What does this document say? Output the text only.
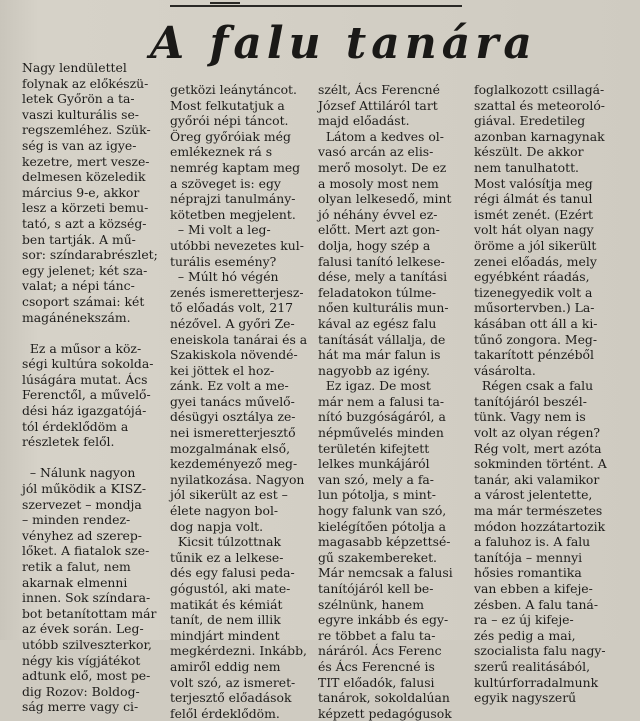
A falu tanára
Nagy lendülettel
folynak az előkészü-
letek Győrön a ta-
vaszi kulturális se-
regszemléhez. Szük-
ség is van az igye-
kezetre, mert vesze-
delmesen közeledik
március 9-e, akkor
lesz a körzeti bemu-
tató, s azt a község-
ben tartják. A mű-
sor: színdarabrészlet;
egy jelenet; két sza-
valat; a népi tánc-
csoport számai: két
magánénekszám.

Ez a műsor a köz-
ségi kultúra sokolda-
lúságára mutat. Ács
Ferenctől, a művelő-
dési ház igazgatójá-
tól érdeklődöm a
részletek felől.

– Nálunk nagyon
jól működik a KISZ-
szervezet – mondja
– minden rendez-
vényhez ad szerep-
lőket. A fiatalok sze-
retik a falut, nem
akarnak elmenni
innen. Sok színdara-
bot betanítottam már
az évek során. Leg-
utóbb szilveszterkor,
négy kis vígjátékot
adtunk elő, most pe-
dig Rozov: Boldog-
ság merre vagy ci-
getközi leánytáncot.
Most felkutatjuk a
győrói népi táncot.
Öreg győróiak még
emlékeznek rá s
nemrég kaptam meg
a szöveget is: egy
néprajzi tanulmány-
kötetben megjelent.
– Mi volt a leg-
utóbbi nevezetes kul-
turális esemény?
– Múlt hó végén
zenés ismeretterjesz-
tő előadás volt, 217
nézővel. A győri Ze-
eneiskola tanárai és a
Szakiskola növendé-
kei jöttek el hoz-
zánk. Ez volt a me-
gyei tanács művelő-
désügyi osztálya ze-
nei ismeretterjesztő
mozgalmának első,
kezdeményező meg-
nyilatkozása. Nagyon
jól sikerült az est –
élete nagyon bol-
dog napja volt.
Kicsit túlzottnak
tűnik ez a lelkese-
dés egy falusi peda-
gógustól, aki mate-
matikát és kémiát
tanít, de nem illik
mindjárt mindent
megkérdezni. Inkább,
amiről eddig nem
volt szó, az ismeret-
terjesztő előadások
felől érdeklődöm.
szélt, Ács Ferencné
József Attiláról tart
majd előadást.
Látom a kedves ol-
vasó arcán az elis-
merő mosolyt. De ez
a mosoly most nem
olyan lelkesedő, mint
jó néhány évvel ez-
előtt. Mert azt gon-
dolja, hogy szép a
falusi tanító lelkese-
dése, mely a tanítási
feladatokon túlme-
nően kulturális mun-
kával az egész falu
tanítását vállalja, de
hát ma már falun is
nagyobb az igény.
Ez igaz. De most
már nem a falusi ta-
nító buzgóságáról, a
népművelés minden
területén kifejtett
lelkes munkájáról
van szó, mely a fa-
lun pótolja, s mint-
hogy falunk van szó,
kielégítően pótolja a
magasabb képzettsé-
gű szakembereket.
Már nemcsak a falusi
tanítójáról kell be-
szélnünk, hanem
egyre inkább és egy-
re többet a falu ta-
náráról. Ács Ferenc
és Ács Ferencné is
TIT előadók, falusi
tanárok, sokoldalúan
képzett pedagógusok
foglalkozott csillagá-
szattal és meteoroló-
giával. Eredetileg
azonban karnagynak
készült. De akkor
nem tanulhatott.
Most valósítja meg
régi álmát és tanul
ismét zenét. (Ezért
volt hát olyan nagy
öröme a jól sikerült
zenei előadás, mely
egyébként ráadás,
tizenegyedik volt a
műsortervben.) La-
kásában ott áll a ki-
tűnő zongora. Meg-
takarított pénzéből
vásárolta.
Régen csak a falu
tanítójáról beszél-
tünk. Vagy nem is
volt az olyan régen?
Rég volt, mert azóta
sokminden történt. A
tanár, aki valamikor
a várost jelentette,
ma már természetes
módon hozzátartozik
a faluhoz is. A falu
tanítója – mennyi
hősies romantika
van ebben a kifeje-
zésben. A falu taná-
ra – ez új kifeje-
zés pedig a mai,
szocialista falu nagy-
szerű realitásából,
kultúrforradalmunk
egyik nagyszerű
